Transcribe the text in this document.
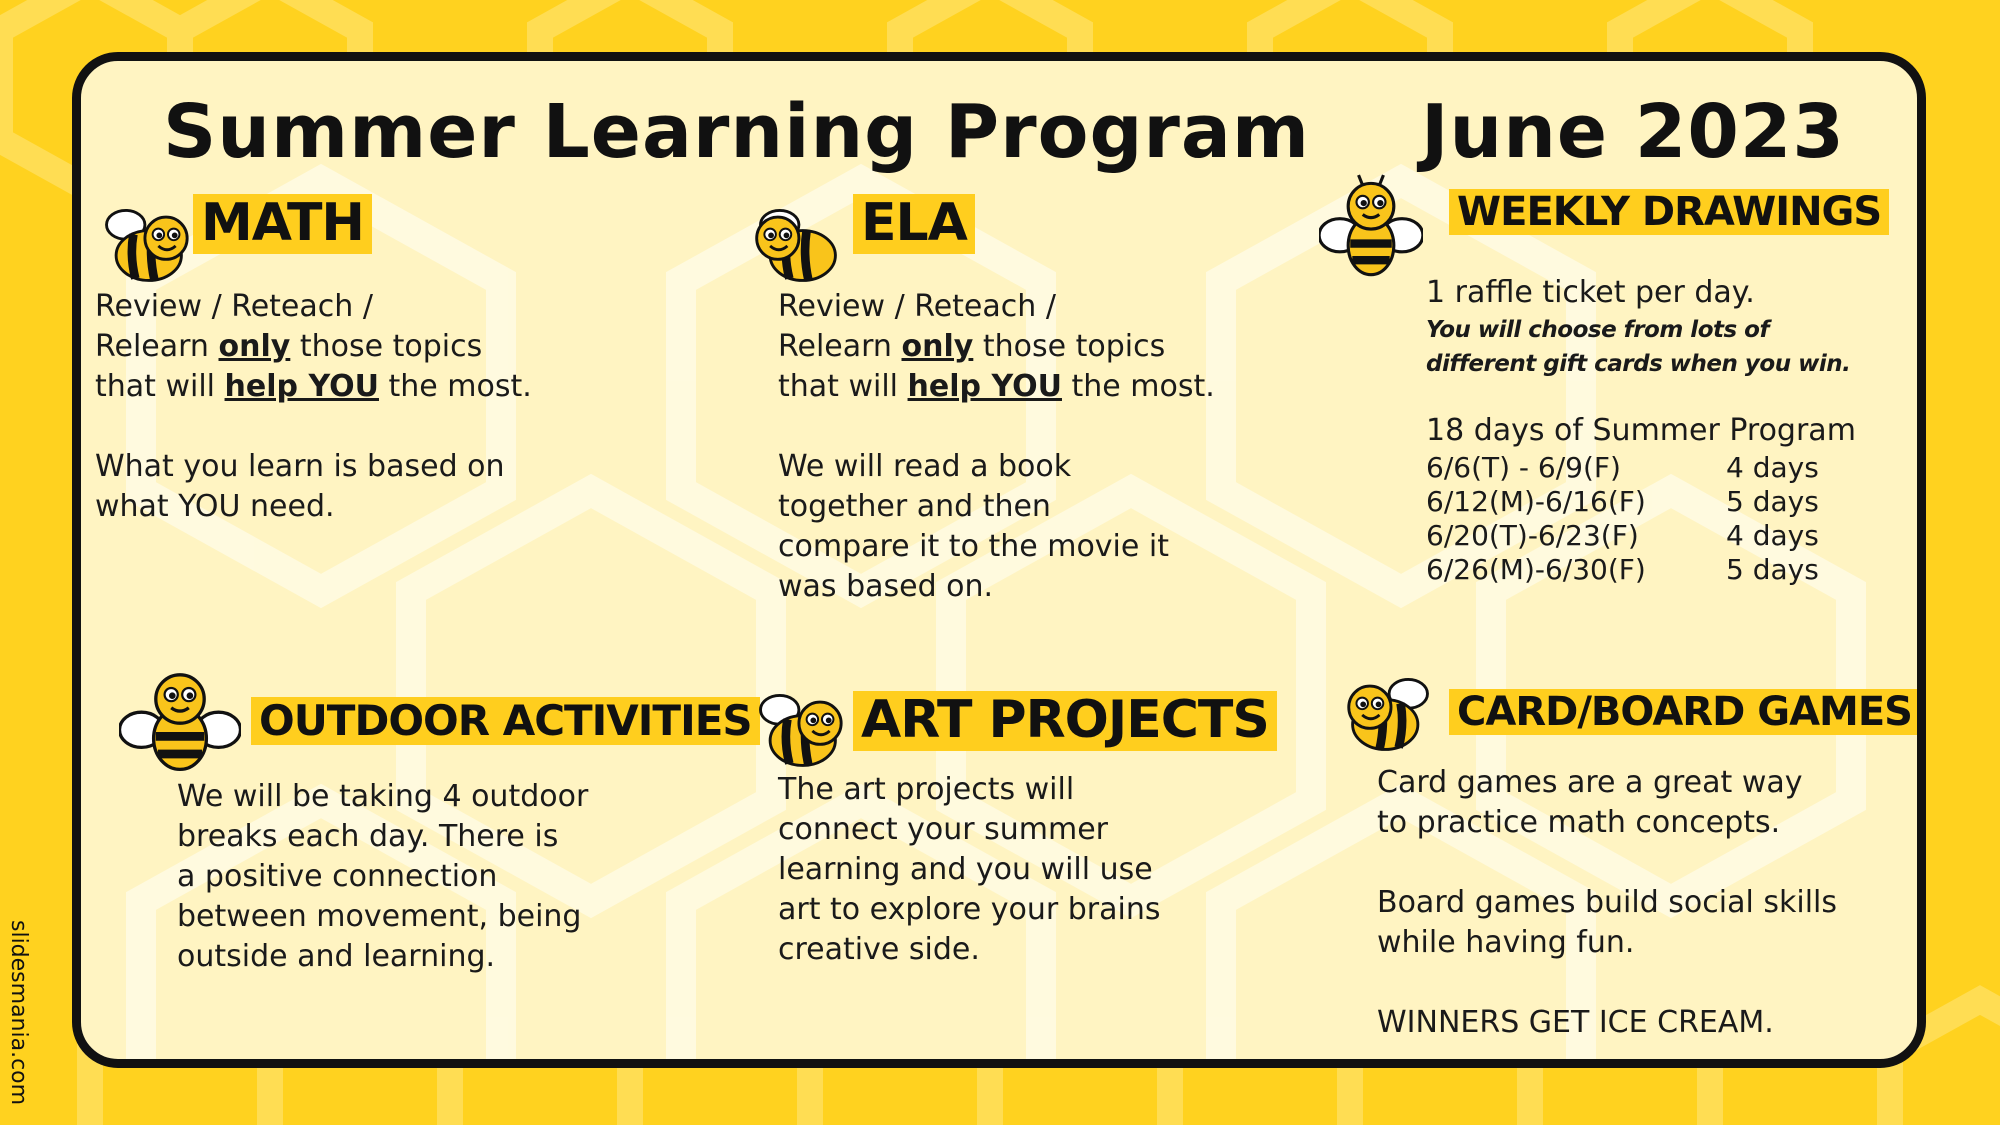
Summer Learning Program June 2023
MATH

Review / Reteach /

Relearn only those topics

that will help YOU the most.

What you learn is based on

what YOU need.

ELA

Review / Reteach /

Relearn only those topics

that will help YOU the most.

We will read a book

together and then

compare it to the movie it

was based on.

WEEKLY DRAWINGS

1 raffle ticket per day.

You will choose from lots of

different gift cards when you win.

18 days of Summer Program

6/6(T) - 6/9(F)	4 days
6/12(M)-6/16(F)	5 days
6/20(T)-6/23(F)	4 days
6/26(M)-6/30(F)	5 days
OUTDOOR ACTIVITIES

We will be taking 4 outdoor

breaks each day. There is

a positive connection

between movement, being

outside and learning.

ART PROJECTS

The art projects will

connect your summer

learning and you will use

art to explore your brains

creative side.

CARD/BOARD GAMES

Card games are a great way

to practice math concepts.

Board games build social skills

while having fun.

WINNERS GET ICE CREAM.

slidesmania.com
